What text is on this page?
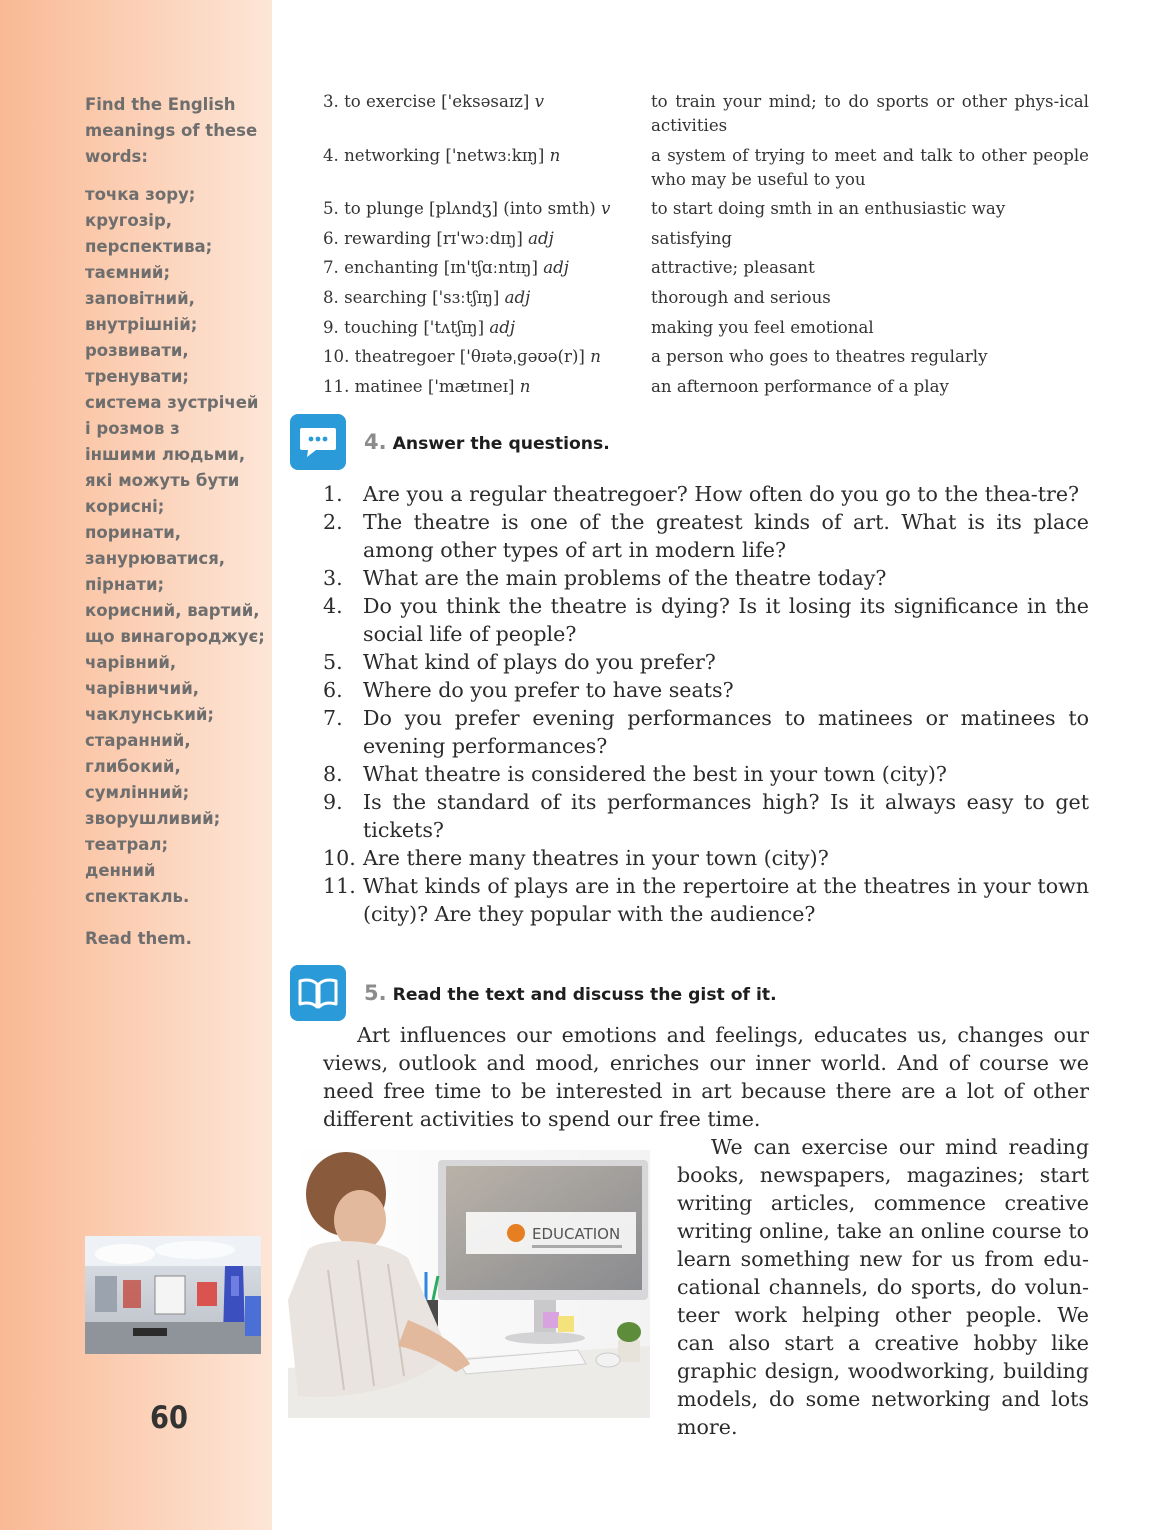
Find the English meanings of these words:
точка зору;
кругозір,
перспектива;
таємний;
заповітний,
внутрішній;
розвивати,
тренувати;
система зустрічей
і розмов з
іншими людьми,
які можуть бути
корисні;
поринати,
занурюватися,
пірнати;
корисний, вартий,
що винагороджує;
чарівний,
чарівничий,
чаклунський;
старанний,
глибокий,
сумлінний;
зворушливий;
театрал;
денний спектакль.
Read them.
60
3. to exercise ['eksəsaɪz] v	to train your mind; to do sports or other phys-ical activities
4. networking ['netwɜːkɪŋ] n	a system of trying to meet and talk to other people who may be useful to you
5. to plunge [plʌndʒ] (into smth) v	to start doing smth in an enthusiastic way
6. rewarding [rɪ'wɔːdɪŋ] adj	satisfying
7. enchanting [ɪn'tʃɑːntɪŋ] adj	attractive; pleasant
8. searching ['sɜːtʃɪŋ] adj	thorough and serious
9. touching ['tʌtʃɪŋ] adj	making you feel emotional
10. theatregoer ['θɪətəˌɡəʊə(r)] n	a person who goes to theatres regularly
11. matinee ['mætɪneɪ] n	an afternoon performance of a play
4. Answer the questions.
1. Are you a regular theatregoer? How often do you go to the thea-tre?
2. The theatre is one of the greatest kinds of art. What is its place among other types of art in modern life?
3. What are the main problems of the theatre today?
4. Do you think the theatre is dying? Is it losing its significance in the social life of people?
5. What kind of plays do you prefer?
6. Where do you prefer to have seats?
7. Do you prefer evening performances to matinees or matinees to evening performances?
8. What theatre is considered the best in your town (city)?
9. Is the standard of its performances high? Is it always easy to get tickets?
10. Are there many theatres in your town (city)?
11. What kinds of plays are in the repertoire at the theatres in your town (city)? Are they popular with the audience?
5. Read the text and discuss the gist of it.

Art influences our emotions and feelings, educates us, changes our views, outlook and mood, enriches our inner world. And of course we need free time to be interested in art because there are a lot of other different activities to spend our free time.

We can exercise our mind reading books, newspapers, magazines; start writing articles, commence creative writing online, take an online course to learn something new for us from edu-cational channels, do sports, do volun-teer work helping other people. We can also start a creative hobby like graphic design, woodworking, building models, do some networking and lots more.

EDUCATION
